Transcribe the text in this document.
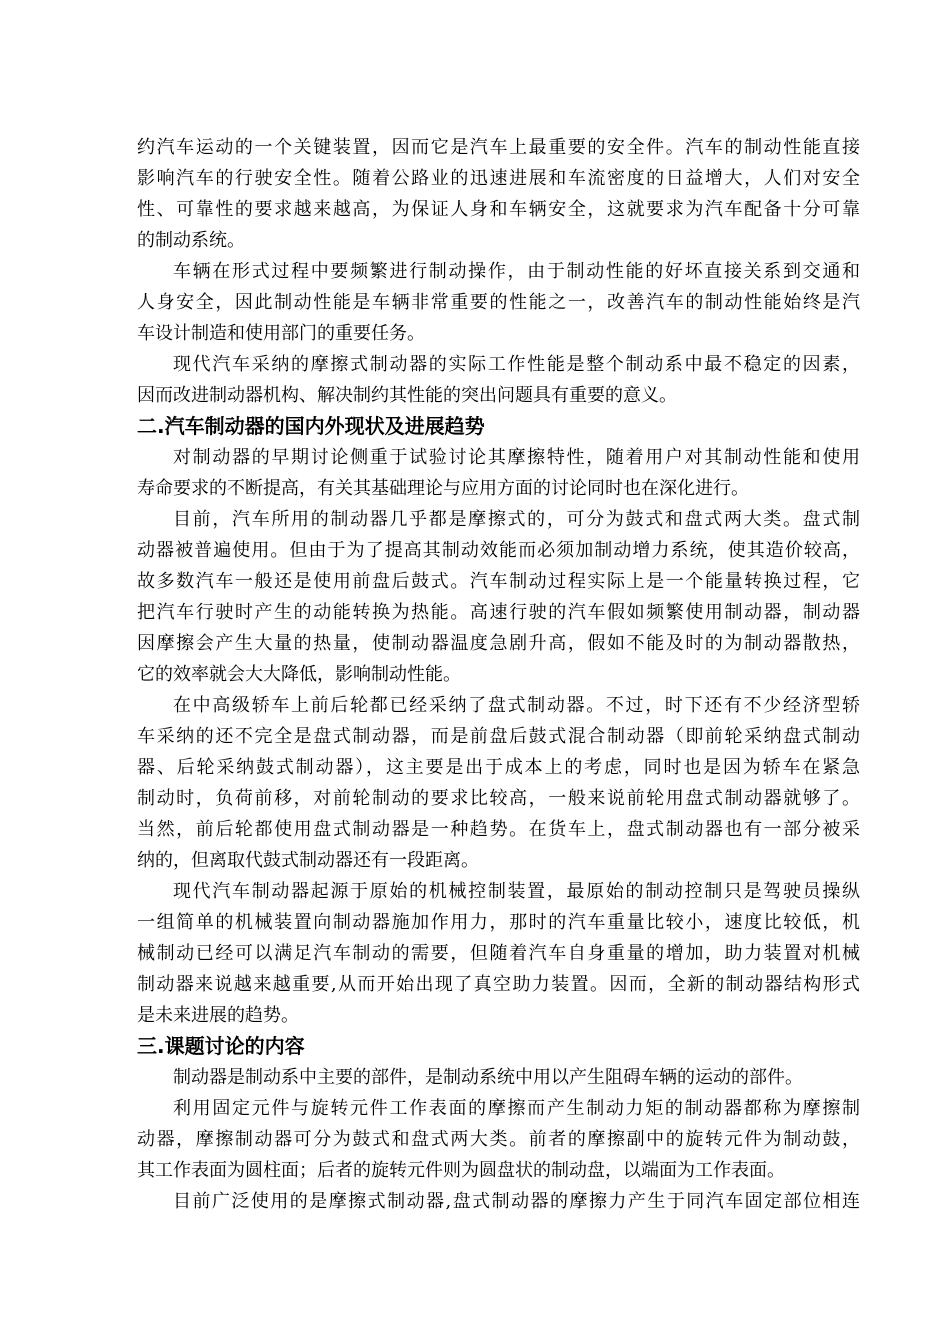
约汽车运动的一个关键装置，因而它是汽车上最重要的安全件。汽车的制动性能直接
影响汽车的行驶安全性。随着公路业的迅速进展和车流密度的日益增大，人们对安全
性、可靠性的要求越来越高，为保证人身和车辆安全，这就要求为汽车配备十分可靠
的制动系统。
车辆在形式过程中要频繁进行制动操作，由于制动性能的好坏直接关系到交通和
人身安全，因此制动性能是车辆非常重要的性能之一，改善汽车的制动性能始终是汽
车设计制造和使用部门的重要任务。
现代汽车采纳的摩擦式制动器的实际工作性能是整个制动系中最不稳定的因素，
因而改进制动器机构、解决制约其性能的突出问题具有重要的意义。
二.汽车制动器的国内外现状及进展趋势
对制动器的早期讨论侧重于试验讨论其摩擦特性，随着用户对其制动性能和使用
寿命要求的不断提高，有关其基础理论与应用方面的讨论同时也在深化进行。
目前，汽车所用的制动器几乎都是摩擦式的，可分为鼓式和盘式两大类。盘式制
动器被普遍使用。但由于为了提高其制动效能而必须加制动增力系统，使其造价较高，
故多数汽车一般还是使用前盘后鼓式。汽车制动过程实际上是一个能量转换过程，它
把汽车行驶时产生的动能转换为热能。高速行驶的汽车假如频繁使用制动器，制动器
因摩擦会产生大量的热量，使制动器温度急剧升高，假如不能及时的为制动器散热，
它的效率就会大大降低，影响制动性能。
在中高级轿车上前后轮都已经采纳了盘式制动器。不过，时下还有不少经济型轿
车采纳的还不完全是盘式制动器，而是前盘后鼓式混合制动器（即前轮采纳盘式制动
器、后轮采纳鼓式制动器），这主要是出于成本上的考虑，同时也是因为轿车在紧急
制动时，负荷前移，对前轮制动的要求比较高，一般来说前轮用盘式制动器就够了。
当然，前后轮都使用盘式制动器是一种趋势。在货车上，盘式制动器也有一部分被采
纳的，但离取代鼓式制动器还有一段距离。
现代汽车制动器起源于原始的机械控制装置，最原始的制动控制只是驾驶员操纵
一组简单的机械装置向制动器施加作用力，那时的汽车重量比较小，速度比较低，机
械制动已经可以满足汽车制动的需要，但随着汽车自身重量的增加，助力装置对机械
制动器来说越来越重要,从而开始出现了真空助力装置。因而，全新的制动器结构形式
是未来进展的趋势。
三.课题讨论的内容
制动器是制动系中主要的部件，是制动系统中用以产生阻碍车辆的运动的部件。
利用固定元件与旋转元件工作表面的摩擦而产生制动力矩的制动器都称为摩擦制
动器，摩擦制动器可分为鼓式和盘式两大类。前者的摩擦副中的旋转元件为制动鼓，
其工作表面为圆柱面；后者的旋转元件则为圆盘状的制动盘，以端面为工作表面。
目前广泛使用的是摩擦式制动器,盘式制动器的摩擦力产生于同汽车固定部位相连
